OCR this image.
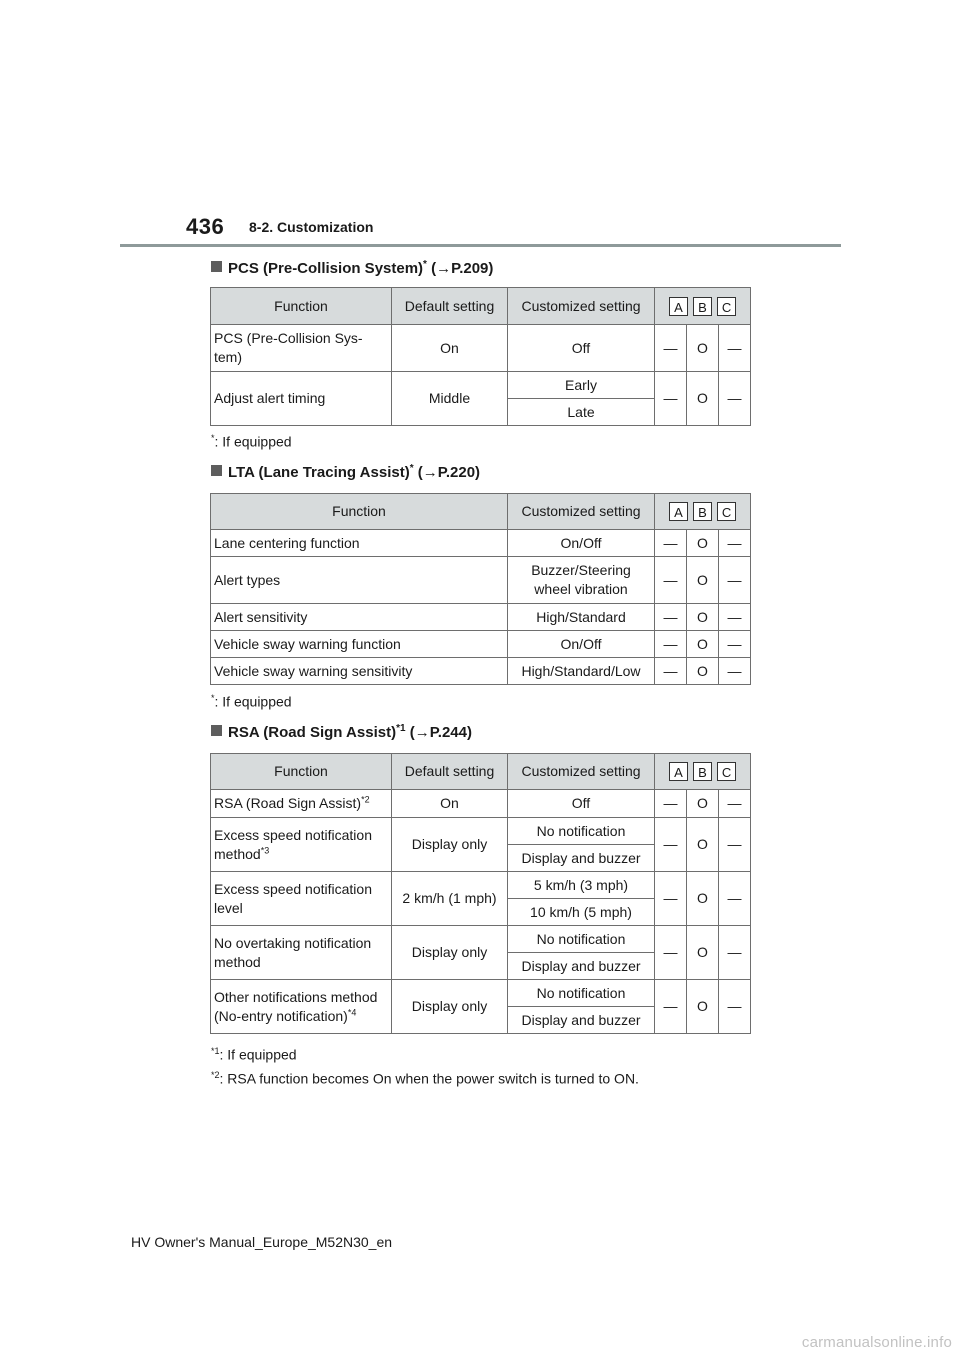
436 8-2. Customization
PCS (Pre-Collision System)* (→P.209)
Function	Default setting	Customized setting	A B C		

PCS (Pre-Collision Sys-
tem)	On	Off	—	O	—
Adjust alert timing	Middle	Early	—	O	—
		Late			
*: If equipped
LTA (Lane Tracing Assist)* (→P.220)
Function	Customized setting	A B C		

Lane centering function	On/Off	—	O	—
Alert types	Buzzer/Steering
wheel vibration	—	O	—
Alert sensitivity	High/Standard	—	O	—
Vehicle sway warning function	On/Off	—	O	—
Vehicle sway warning sensitivity	High/Standard/Low	—	O	—
*: If equipped
RSA (Road Sign Assist)$^{*1}$ (→P.244)
Function	Default setting	Customized setting	A B C		

RSA (Road Sign Assist)$^{*2}$	On	Off	—	O	—
Excess speed notification
method$^{*3}$	Display only	No notification	—	O	—
		Display and buzzer			
Excess speed notification
level	2 km/h (1 mph)	5 km/h (3 mph)	—	O	—
		10 km/h (5 mph)			
No overtaking notification
method	Display only	No notification	—	O	—
		Display and buzzer			
Other notifications method
(No-entry notification)$^{*4}$	Display only	No notification	—	O	—
		Display and buzzer			
$^{*1}$: If equipped
$^{*2}$: RSA function becomes On when the power switch is turned to ON.
HV Owner's Manual_Europe_M52N30_en
carmanualsonline.info
